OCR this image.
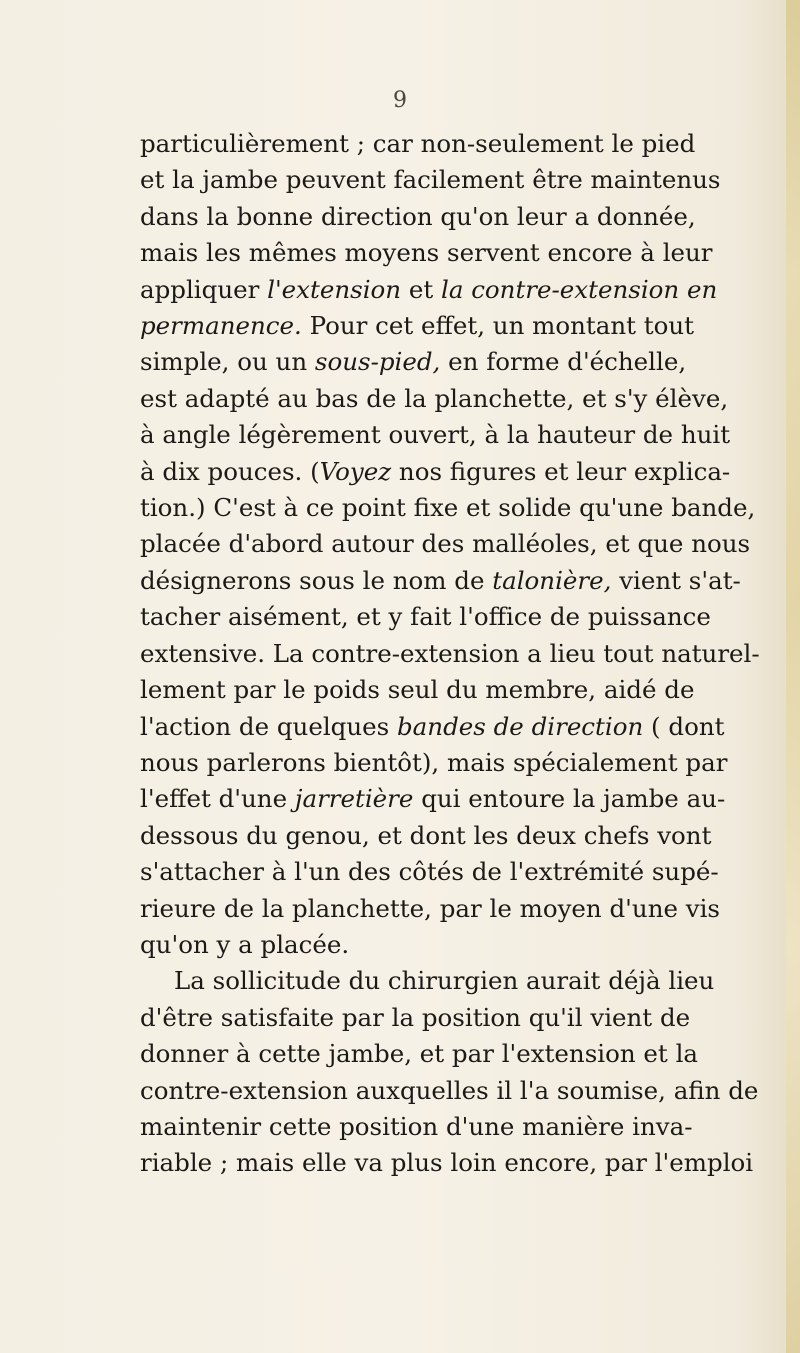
9
particulièrement ; car non-seulement le pied
et la jambe peuvent facilement être maintenus
dans la bonne direction qu'on leur a donnée,
mais les mêmes moyens servent encore à leur
appliquer l'extension et la contre-extension en
permanence. Pour cet effet, un montant tout
simple, ou un sous-pied, en forme d'échelle,
est adapté au bas de la planchette, et s'y élève,
à angle légèrement ouvert, à la hauteur de huit
à dix pouces. (Voyez nos figures et leur explica-
tion.) C'est à ce point fixe et solide qu'une bande,
placée d'abord autour des malléoles, et que nous
désignerons sous le nom de talonière, vient s'at-
tacher aisément, et y fait l'office de puissance
extensive. La contre-extension a lieu tout naturel-
lement par le poids seul du membre, aidé de
l'action de quelques bandes de direction ( dont
nous parlerons bientôt), mais spécialement par
l'effet d'une jarretière qui entoure la jambe au-
dessous du genou, et dont les deux chefs vont
s'attacher à l'un des côtés de l'extrémité supé-
rieure de la planchette, par le moyen d'une vis
qu'on y a placée.
La sollicitude du chirurgien aurait déjà lieu
d'être satisfaite par la position qu'il vient de
donner à cette jambe, et par l'extension et la
contre-extension auxquelles il l'a soumise, afin de
maintenir cette position d'une manière inva-
riable ; mais elle va plus loin encore, par l'emploi
